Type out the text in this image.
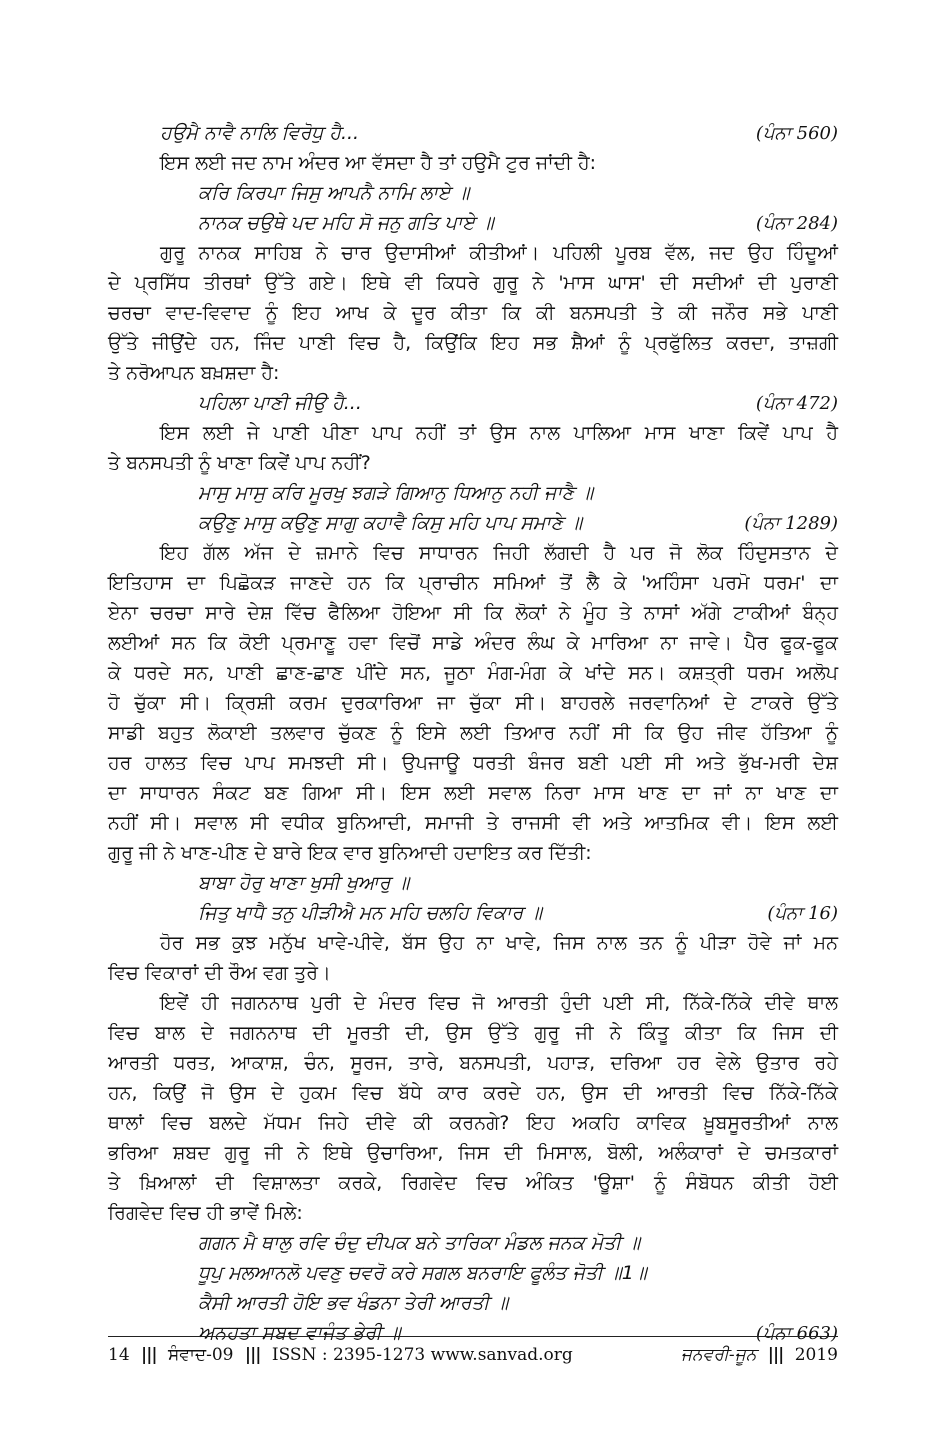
ਹਉਮੈ ਨਾਵੈ ਨਾਲਿ ਵਿਰੋਧੁ ਹੈ...	(ਪੰਨਾ 560)
ਇਸ ਲਈ ਜਦ ਨਾਮ ਅੰਦਰ ਆ ਵੱਸਦਾ ਹੈ ਤਾਂ ਹਉਮੈ ਟੁਰ ਜਾਂਦੀ ਹੈ:
ਕਰਿ ਕਿਰਪਾ ਜਿਸੁ ਆਪਨੈ ਨਾਮਿ ਲਾਏ ॥
ਨਾਨਕ ਚਉਥੇ ਪਦ ਮਹਿ ਸੋ ਜਨੁ ਗਤਿ ਪਾਏ ॥	(ਪੰਨਾ 284)
ਗੁਰੂ ਨਾਨਕ ਸਾਹਿਬ ਨੇ ਚਾਰ ਉਦਾਸੀਆਂ ਕੀਤੀਆਂ। ਪਹਿਲੀ ਪੂਰਬ ਵੱਲ, ਜਦ ਉਹ ਹਿੰਦੂਆਂ
ਦੇ ਪ੍ਰਸਿੱਧ ਤੀਰਥਾਂ ਉੱਤੇ ਗਏ। ਇਥੇ ਵੀ ਕਿਧਰੇ ਗੁਰੂ ਨੇ 'ਮਾਸ ਘਾਸ' ਦੀ ਸਦੀਆਂ ਦੀ ਪੁਰਾਣੀ
ਚਰਚਾ ਵਾਦ-ਵਿਵਾਦ ਨੂੰ ਇਹ ਆਖ ਕੇ ਦੂਰ ਕੀਤਾ ਕਿ ਕੀ ਬਨਸਪਤੀ ਤੇ ਕੀ ਜਨੌਰ ਸਭੇ ਪਾਣੀ
ਉੱਤੇ ਜੀਉਂਦੇ ਹਨ, ਜਿੰਦ ਪਾਣੀ ਵਿਚ ਹੈ, ਕਿਉਂਕਿ ਇਹ ਸਭ ਸ਼ੈਆਂ ਨੂੰ ਪ੍ਰਫੁੱਲਿਤ ਕਰਦਾ, ਤਾਜ਼ਗੀ
ਤੇ ਨਰੋਆਪਨ ਬਖ਼ਸ਼ਦਾ ਹੈ:
ਪਹਿਲਾ ਪਾਣੀ ਜੀਉ ਹੈ...	(ਪੰਨਾ 472)
ਇਸ ਲਈ ਜੇ ਪਾਣੀ ਪੀਣਾ ਪਾਪ ਨਹੀਂ ਤਾਂ ਉਸ ਨਾਲ ਪਾਲਿਆ ਮਾਸ ਖਾਣਾ ਕਿਵੇਂ ਪਾਪ ਹੈ
ਤੇ ਬਨਸਪਤੀ ਨੂੰ ਖਾਣਾ ਕਿਵੇਂ ਪਾਪ ਨਹੀਂ?
ਮਾਸੁ ਮਾਸੁ ਕਰਿ ਮੂਰਖੁ ਝਗੜੇ ਗਿਆਨੁ ਧਿਆਨੁ ਨਹੀ ਜਾਣੈ ॥
ਕਉਣੁ ਮਾਸੁ ਕਉਣੁ ਸਾਗੁ ਕਹਾਵੈ ਕਿਸੁ ਮਹਿ ਪਾਪ ਸਮਾਣੇ ॥	(ਪੰਨਾ 1289)
ਇਹ ਗੱਲ ਅੱਜ ਦੇ ਜ਼ਮਾਨੇ ਵਿਚ ਸਾਧਾਰਨ ਜਿਹੀ ਲੱਗਦੀ ਹੈ ਪਰ ਜੋ ਲੋਕ ਹਿੰਦੁਸਤਾਨ ਦੇ
ਇਤਿਹਾਸ ਦਾ ਪਿਛੋਕੜ ਜਾਣਦੇ ਹਨ ਕਿ ਪ੍ਰਾਚੀਨ ਸਮਿਆਂ ਤੋਂ ਲੈ ਕੇ 'ਅਹਿੰਸਾ ਪਰਮੋ ਧਰਮ' ਦਾ
ਏਨਾ ਚਰਚਾ ਸਾਰੇ ਦੇਸ਼ ਵਿੱਚ ਫੈਲਿਆ ਹੋਇਆ ਸੀ ਕਿ ਲੋਕਾਂ ਨੇ ਮੂੰਹ ਤੇ ਨਾਸਾਂ ਅੱਗੇ ਟਾਕੀਆਂ ਬੰਨ੍ਹ
ਲਈਆਂ ਸਨ ਕਿ ਕੋਈ ਪ੍ਰਮਾਣੂ ਹਵਾ ਵਿਚੋਂ ਸਾਡੇ ਅੰਦਰ ਲੰਘ ਕੇ ਮਾਰਿਆ ਨਾ ਜਾਵੇ। ਪੈਰ ਫੂਕ-ਫੂਕ
ਕੇ ਧਰਦੇ ਸਨ, ਪਾਣੀ ਛਾਣ-ਛਾਣ ਪੀਂਦੇ ਸਨ, ਜੂਠਾ ਮੰਗ-ਮੰਗ ਕੇ ਖਾਂਦੇ ਸਨ। ਕਸ਼ਤ੍ਰੀ ਧਰਮ ਅਲੋਪ
ਹੋ ਚੁੱਕਾ ਸੀ। ਕ੍ਰਿਸ਼ੀ ਕਰਮ ਦੁਰਕਾਰਿਆ ਜਾ ਚੁੱਕਾ ਸੀ। ਬਾਹਰਲੇ ਜਰਵਾਨਿਆਂ ਦੇ ਟਾਕਰੇ ਉੱਤੇ
ਸਾਡੀ ਬਹੁਤ ਲੋਕਾਈ ਤਲਵਾਰ ਚੁੱਕਣ ਨੂੰ ਇਸੇ ਲਈ ਤਿਆਰ ਨਹੀਂ ਸੀ ਕਿ ਉਹ ਜੀਵ ਹੱਤਿਆ ਨੂੰ
ਹਰ ਹਾਲਤ ਵਿਚ ਪਾਪ ਸਮਝਦੀ ਸੀ। ਉਪਜਾਊ ਧਰਤੀ ਬੰਜਰ ਬਣੀ ਪਈ ਸੀ ਅਤੇ ਭੁੱਖ-ਮਰੀ ਦੇਸ਼
ਦਾ ਸਾਧਾਰਨ ਸੰਕਟ ਬਣ ਗਿਆ ਸੀ। ਇਸ ਲਈ ਸਵਾਲ ਨਿਰਾ ਮਾਸ ਖਾਣ ਦਾ ਜਾਂ ਨਾ ਖਾਣ ਦਾ
ਨਹੀਂ ਸੀ। ਸਵਾਲ ਸੀ ਵਧੀਕ ਬੁਨਿਆਦੀ, ਸਮਾਜੀ ਤੇ ਰਾਜਸੀ ਵੀ ਅਤੇ ਆਤਮਿਕ ਵੀ। ਇਸ ਲਈ
ਗੁਰੂ ਜੀ ਨੇ ਖਾਣ-ਪੀਣ ਦੇ ਬਾਰੇ ਇਕ ਵਾਰ ਬੁਨਿਆਦੀ ਹਦਾਇਤ ਕਰ ਦਿੱਤੀ:
ਬਾਬਾ ਹੋਰੁ ਖਾਣਾ ਖੁਸੀ ਖੁਆਰੁ ॥
ਜਿਤੁ ਖਾਧੈ ਤਨੁ ਪੀੜੀਐ ਮਨ ਮਹਿ ਚਲਹਿ ਵਿਕਾਰ ॥	(ਪੰਨਾ 16)
ਹੋਰ ਸਭ ਕੁਝ ਮਨੁੱਖ ਖਾਵੇ-ਪੀਵੇ, ਬੱਸ ਉਹ ਨਾ ਖਾਵੇ, ਜਿਸ ਨਾਲ ਤਨ ਨੂੰ ਪੀੜਾ ਹੋਵੇ ਜਾਂ ਮਨ
ਵਿਚ ਵਿਕਾਰਾਂ ਦੀ ਰੌਅ ਵਗ ਤੁਰੇ।
ਇਵੇਂ ਹੀ ਜਗਨਨਾਥ ਪੁਰੀ ਦੇ ਮੰਦਰ ਵਿਚ ਜੋ ਆਰਤੀ ਹੁੰਦੀ ਪਈ ਸੀ, ਨਿੱਕੇ-ਨਿੱਕੇ ਦੀਵੇ ਥਾਲ
ਵਿਚ ਬਾਲ ਦੇ ਜਗਨਨਾਥ ਦੀ ਮੂਰਤੀ ਦੀ, ਉਸ ਉੱਤੇ ਗੁਰੂ ਜੀ ਨੇ ਕਿੰਤੂ ਕੀਤਾ ਕਿ ਜਿਸ ਦੀ
ਆਰਤੀ ਧਰਤ, ਆਕਾਸ਼, ਚੰਨ, ਸੂਰਜ, ਤਾਰੇ, ਬਨਸਪਤੀ, ਪਹਾੜ, ਦਰਿਆ ਹਰ ਵੇਲੇ ਉਤਾਰ ਰਹੇ
ਹਨ, ਕਿਉਂ ਜੋ ਉਸ ਦੇ ਹੁਕਮ ਵਿਚ ਬੱਧੇ ਕਾਰ ਕਰਦੇ ਹਨ, ਉਸ ਦੀ ਆਰਤੀ ਵਿਚ ਨਿੱਕੇ-ਨਿੱਕੇ
ਥਾਲਾਂ ਵਿਚ ਬਲਦੇ ਮੱਧਮ ਜਿਹੇ ਦੀਵੇ ਕੀ ਕਰਨਗੇ? ਇਹ ਅਕਹਿ ਕਾਵਿਕ ਖ਼ੂਬਸੂਰਤੀਆਂ ਨਾਲ
ਭਰਿਆ ਸ਼ਬਦ ਗੁਰੂ ਜੀ ਨੇ ਇਥੇ ਉਚਾਰਿਆ, ਜਿਸ ਦੀ ਮਿਸਾਲ, ਬੋਲੀ, ਅਲੰਕਾਰਾਂ ਦੇ ਚਮਤਕਾਰਾਂ
ਤੇ ਖ਼ਿਆਲਾਂ ਦੀ ਵਿਸ਼ਾਲਤਾ ਕਰਕੇ, ਰਿਗਵੇਦ ਵਿਚ ਅੰਕਿਤ 'ਊਸ਼ਾ' ਨੂੰ ਸੰਬੋਧਨ ਕੀਤੀ ਹੋਈ
ਰਿਗਵੇਦ ਵਿਚ ਹੀ ਭਾਵੇਂ ਮਿਲੇ:
ਗਗਨ ਮੈ ਥਾਲੁ ਰਵਿ ਚੰਦੁ ਦੀਪਕ ਬਨੇ ਤਾਰਿਕਾ ਮੰਡਲ ਜਨਕ ਮੋਤੀ ॥
ਧੂਪੁ ਮਲਆਨਲੋ ਪਵਣੁ ਚਵਰੋ ਕਰੇ ਸਗਲ ਬਨਰਾਇ ਫੂਲੰਤ ਜੋਤੀ ॥1॥
ਕੈਸੀ ਆਰਤੀ ਹੋਇ ਭਵ ਖੰਡਨਾ ਤੇਰੀ ਆਰਤੀ ॥
ਅਨਹਤਾ ਸਬਦ ਵਾਜੰਤ ਭੇਰੀ ॥	(ਪੰਨਾ 663)
14 ||| ਸੰਵਾਦ-09 ||| ISSN : 2395-1273 www.sanvad.org	ਜਨਵਰੀ-ਜੂਨ ||| 2019
